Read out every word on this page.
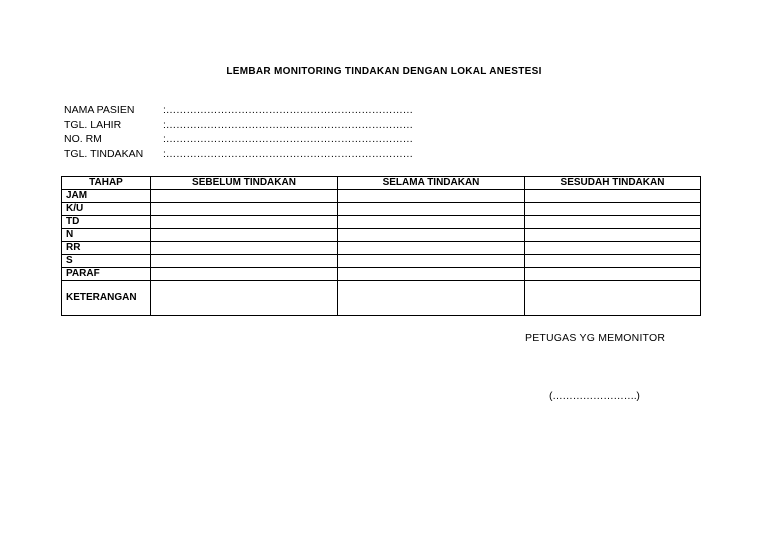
LEMBAR MONITORING TINDAKAN DENGAN LOKAL ANESTESI
NAMA PASIEN	:………………………………………………………………
TGL. LAHIR	:………………………………………………………………
NO. RM	:………………………………………………………………
TGL. TINDAKAN	:………………………………………………………………
TAHAP	SEBELUM TINDAKAN	SELAMA TINDAKAN	SESUDAH TINDAKAN
JAM			
K/U			
TD			
N			
RR			
S			
PARAF			
KETERANGAN			
PETUGAS YG MEMONITOR
(…………………….)
